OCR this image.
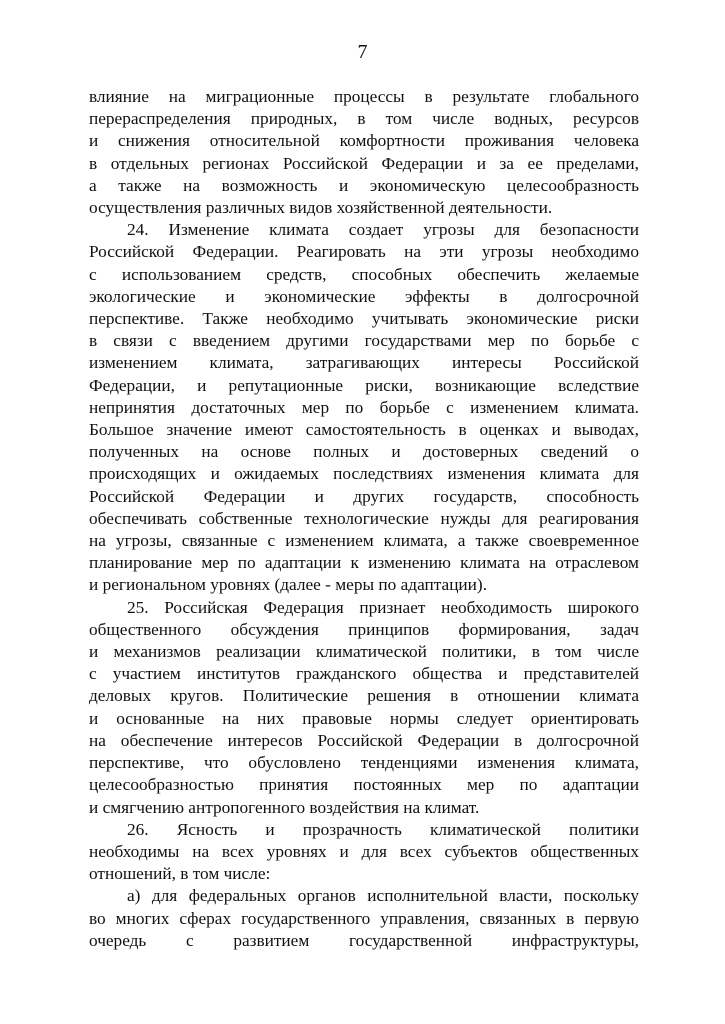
7
влияние на миграционные процессы в результате глобального
перераспределения природных, в том числе водных, ресурсов
и снижения относительной комфортности проживания человека
в отдельных регионах Российской Федерации и за ее пределами,
а также на возможность и экономическую целесообразность
осуществления различных видов хозяйственной деятельности.
24. Изменение климата создает угрозы для безопасности
Российской Федерации. Реагировать на эти угрозы необходимо
с использованием средств, способных обеспечить желаемые
экологические и экономические эффекты в долгосрочной
перспективе. Также необходимо учитывать экономические риски
в связи с введением другими государствами мер по борьбе с
изменением климата, затрагивающих интересы Российской
Федерации, и репутационные риски, возникающие вследствие
непринятия достаточных мер по борьбе с изменением климата.
Большое значение имеют самостоятельность в оценках и выводах,
полученных на основе полных и достоверных сведений о
происходящих и ожидаемых последствиях изменения климата для
Российской Федерации и других государств, способность
обеспечивать собственные технологические нужды для реагирования
на угрозы, связанные с изменением климата, а также своевременное
планирование мер по адаптации к изменению климата на отраслевом
и региональном уровнях (далее - меры по адаптации).
25. Российская Федерация признает необходимость широкого
общественного обсуждения принципов формирования, задач
и механизмов реализации климатической политики, в том числе
с участием институтов гражданского общества и представителей
деловых кругов. Политические решения в отношении климата
и основанные на них правовые нормы следует ориентировать
на обеспечение интересов Российской Федерации в долгосрочной
перспективе, что обусловлено тенденциями изменения климата,
целесообразностью принятия постоянных мер по адаптации
и смягчению антропогенного воздействия на климат.
26. Ясность и прозрачность климатической политики
необходимы на всех уровнях и для всех субъектов общественных
отношений, в том числе:
а) для федеральных органов исполнительной власти, поскольку
во многих сферах государственного управления, связанных в первую
очередь с развитием государственной инфраструктуры,
